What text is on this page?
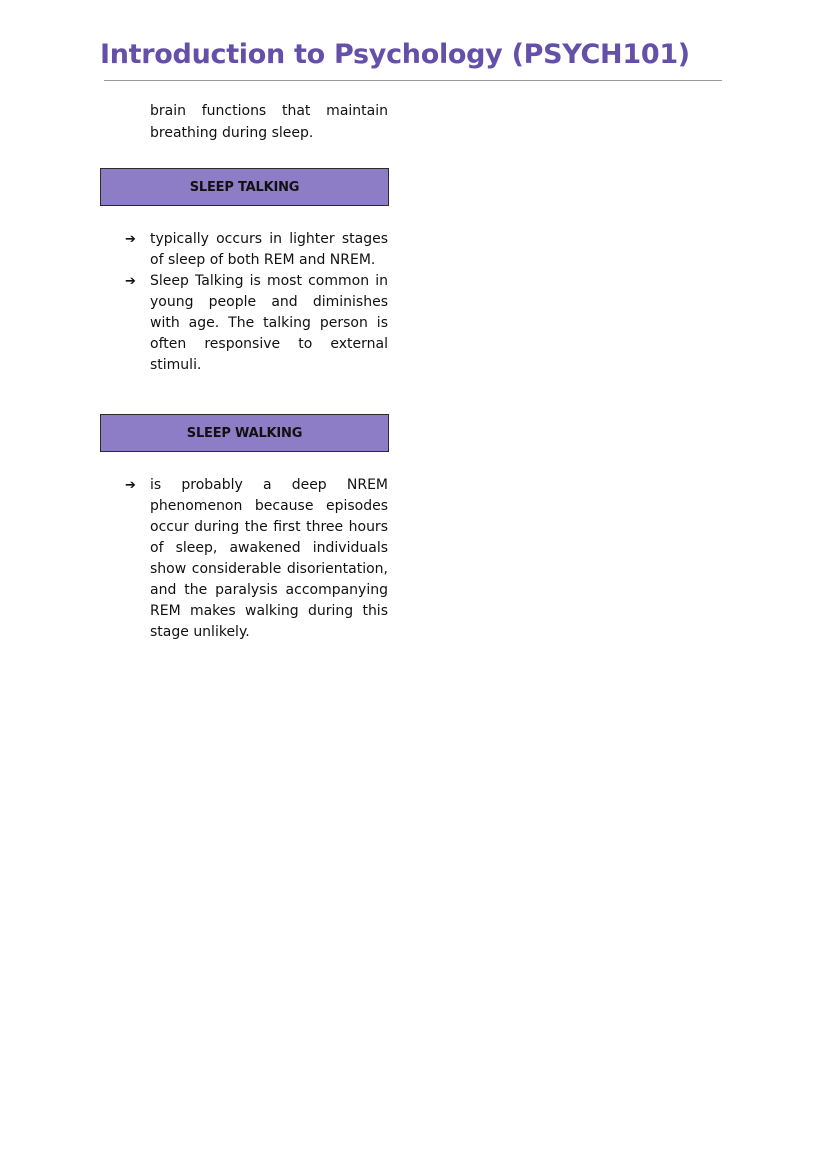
Introduction to Psychology (PSYCH101)

brain functions that maintain breathing during sleep.

SLEEP TALKING
➔ typically occurs in lighter stages of sleep of both REM and NREM.
➔ Sleep Talking is most common in young people and diminishes with age. The talking person is often responsive to external stimuli.
SLEEP WALKING
➔ is probably a deep NREM phenomenon because episodes occur during the first three hours of sleep, awakened individuals show considerable disorientation, and the paralysis accompanying REM makes walking during this stage unlikely.
